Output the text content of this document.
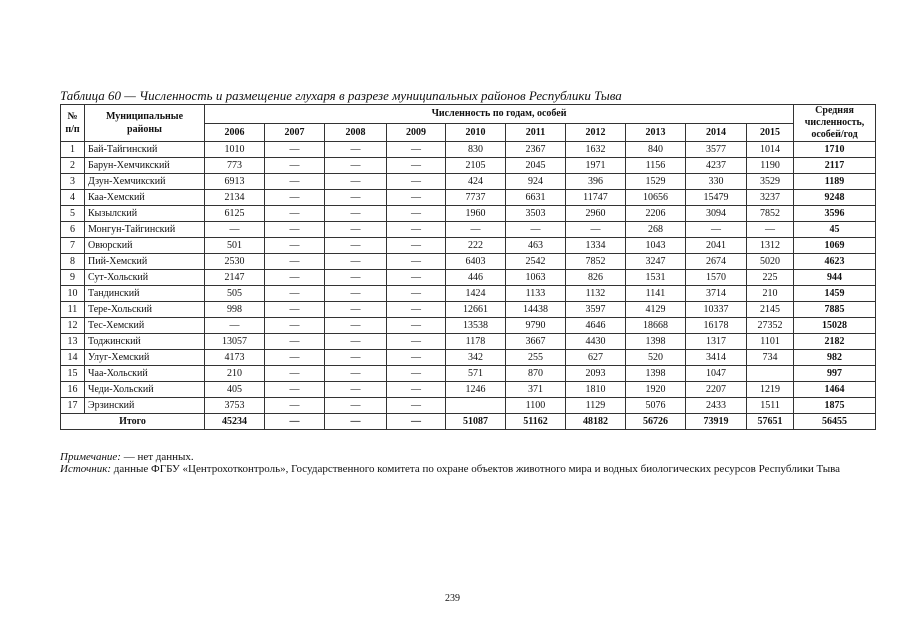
Таблица 60 — Численность и размещение глухаря в разрезе муниципальных районов Республики Тыва
№
п/п	Муниципальные
районы	Численность по годам, особей										Средняя
численность,
особей/год
		2006	2007	2008	2009	2010	2011	2012	2013	2014	2015	
1	Бай-Тайгинский	1010	—	—	—	830	2367	1632	840	3577	1014	1710
2	Барун-Хемчикский	773	—	—	—	2105	2045	1971	1156	4237	1190	2117
3	Дзун-Хемчикский	6913	—	—	—	424	924	396	1529	330	3529	1189
4	Каа-Хемский	2134	—	—	—	7737	6631	11747	10656	15479	3237	9248
5	Кызылский	6125	—	—	—	1960	3503	2960	2206	3094	7852	3596
6	Монгун-Тайгинский	—	—	—	—	—	—	—	268	—	—	45
7	Овюрский	501	—	—	—	222	463	1334	1043	2041	1312	1069
8	Пий-Хемский	2530	—	—	—	6403	2542	7852	3247	2674	5020	4623
9	Сут-Хольский	2147	—	—	—	446	1063	826	1531	1570	225	944
10	Тандинский	505	—	—	—	1424	1133	1132	1141	3714	210	1459
11	Тере-Хольский	998	—	—	—	12661	14438	3597	4129	10337	2145	7885
12	Тес-Хемский	—	—	—	—	13538	9790	4646	18668	16178	27352	15028
13	Тоджинский	13057	—	—	—	1178	3667	4430	1398	1317	1101	2182
14	Улуг-Хемский	4173	—	—	—	342	255	627	520	3414	734	982
15	Чаа-Хольский	210	—	—	—	571	870	2093	1398	1047		997
16	Чеди-Хольский	405	—	—	—	1246	371	1810	1920	2207	1219	1464
17	Эрзинский	3753	—	—	—		1100	1129	5076	2433	1511	1875
Итого		45234	—	—	—	51087	51162	48182	56726	73919	57651	56455

Примечание: — нет данных.

Источник: данные ФГБУ «Центрохотконтроль», Государственного комитета по охране объектов животного мира и водных биологических ресурсов Республики Тыва

239
